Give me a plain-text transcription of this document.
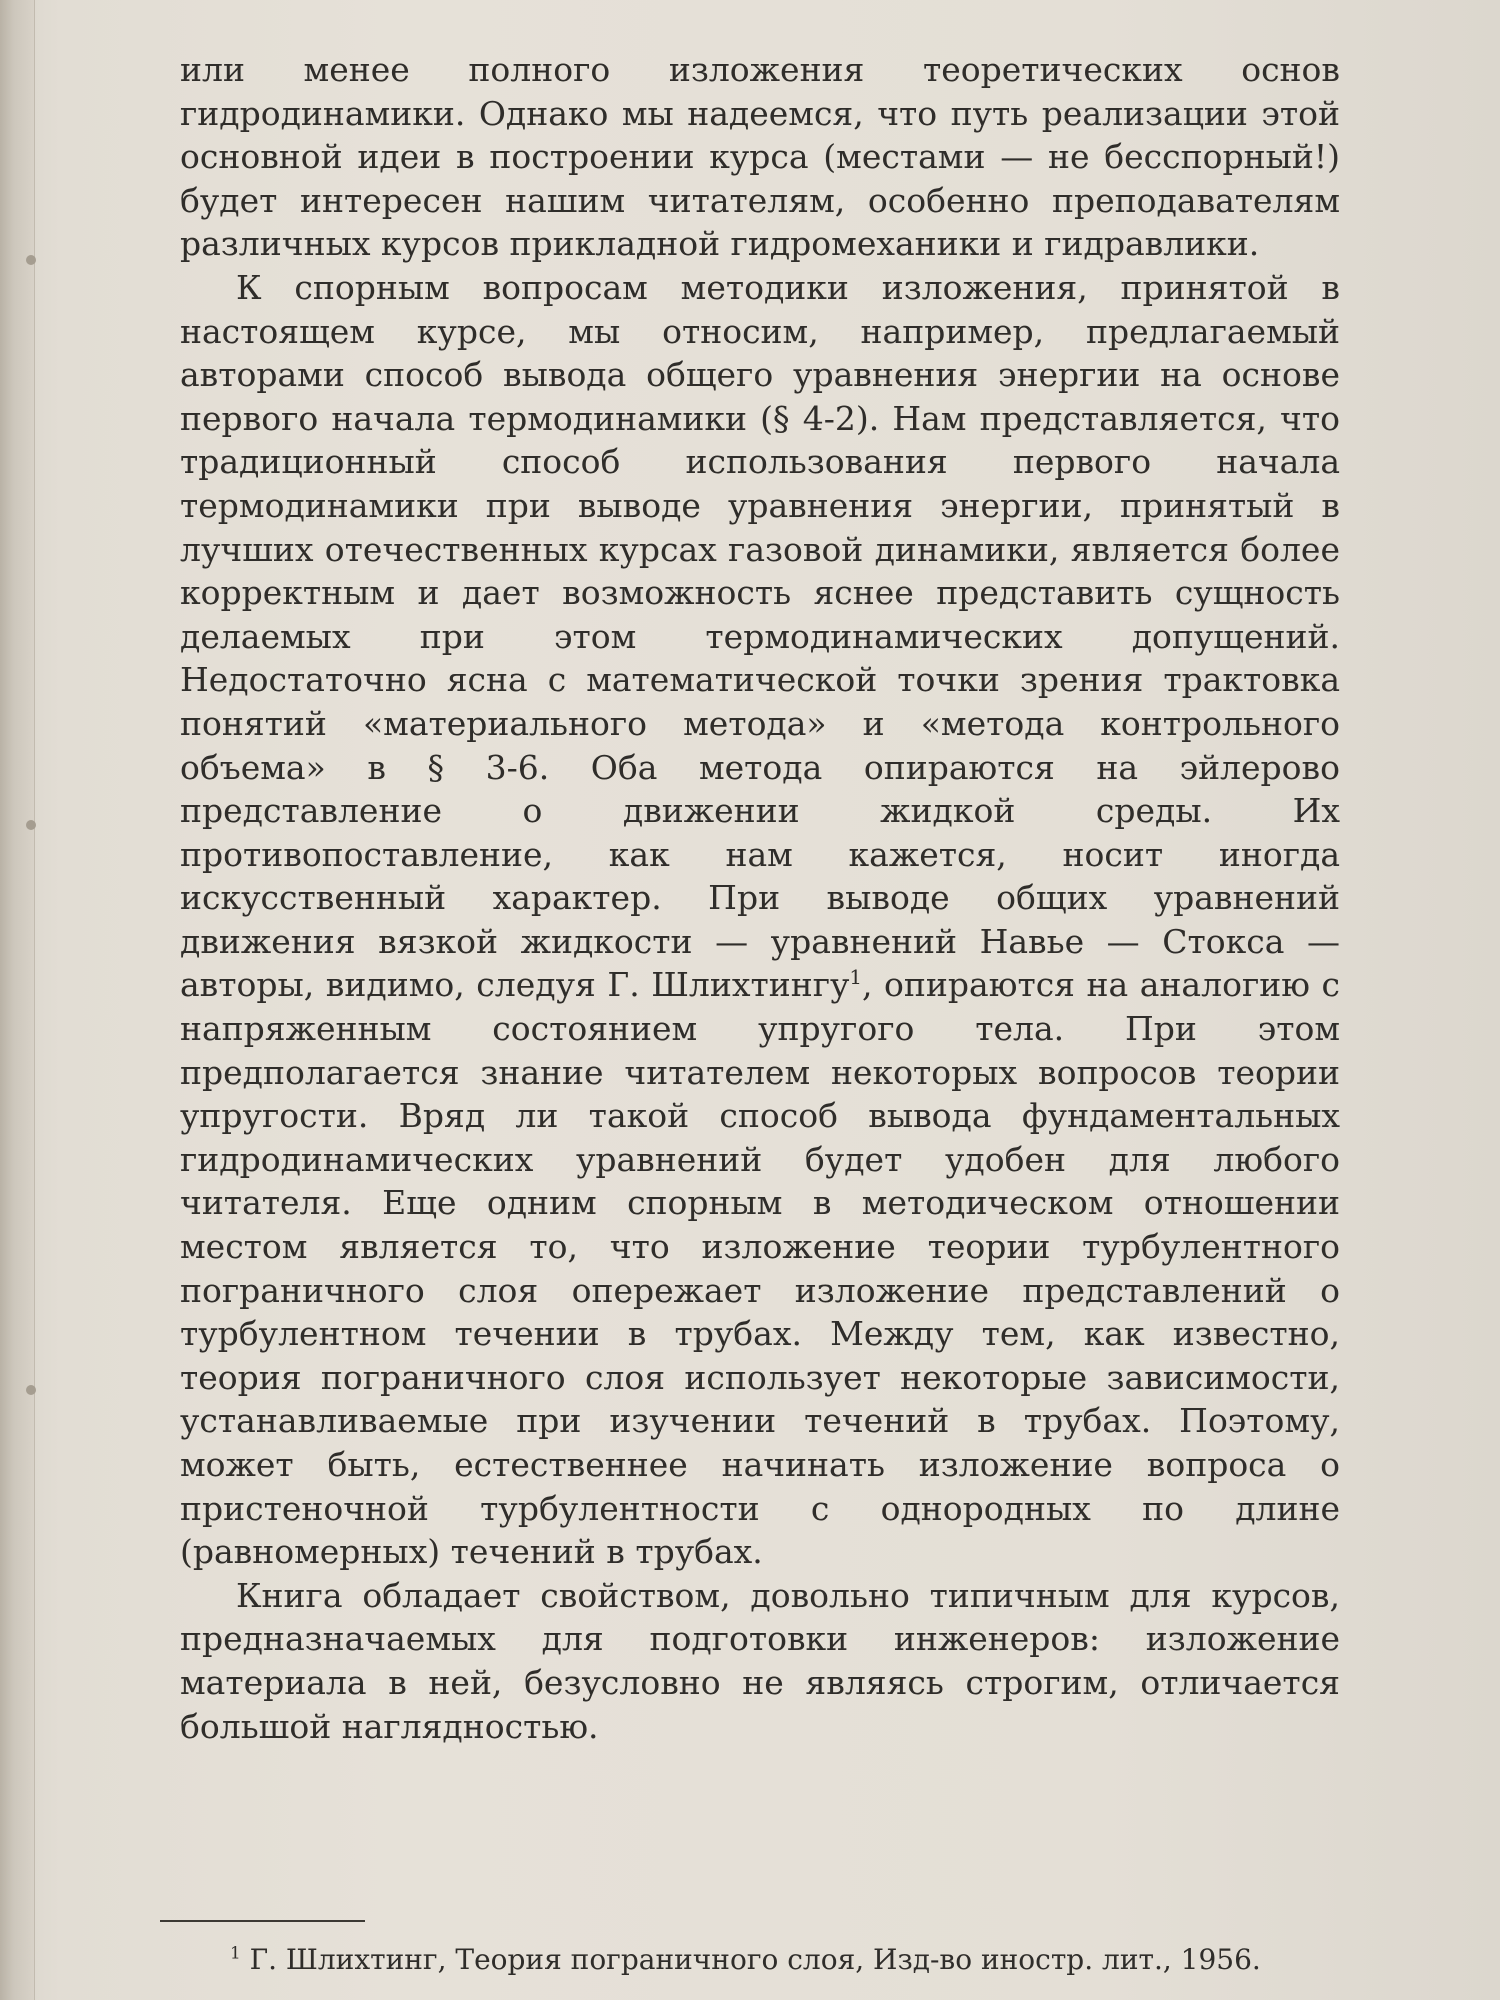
или менее полного изложения теоретических основ гидродинамики. Однако мы надеемся, что путь реализации этой основной идеи в построении курса (местами — не бесспорный!) будет интересен нашим читателям, особенно преподавателям различных курсов прикладной гидромеханики и гидравлики.

К спорным вопросам методики изложения, принятой в настоящем курсе, мы относим, например, предлагаемый авторами способ вывода общего уравнения энергии на основе первого начала термодинамики (§ 4-2). Нам представляется, что традиционный способ использования первого начала термодинамики при выводе уравнения энергии, принятый в лучших отечественных курсах газовой динамики, является более корректным и дает возможность яснее представить сущность делаемых при этом термодинамических допущений. Недостаточно ясна с математической точки зрения трактовка понятий «материального метода» и «метода контрольного объема» в § 3-6. Оба метода опираются на эйлерово представление о движении жидкой среды. Их противопоставление, как нам кажется, носит иногда искусственный характер. При выводе общих уравнений движения вязкой жидкости — уравнений Навье — Стокса — авторы, видимо, следуя Г. Шлихтингу$^1$, опираются на аналогию с напряженным состоянием упругого тела. При этом предполагается знание читателем некоторых вопросов теории упругости. Вряд ли такой способ вывода фундаментальных гидродинамических уравнений будет удобен для любого читателя. Еще одним спорным в методическом отношении местом является то, что изложение теории турбулентного пограничного слоя опережает изложение представлений о турбулентном течении в трубах. Между тем, как известно, теория пограничного слоя использует некоторые зависимости, устанавливаемые при изучении течений в трубах. Поэтому, может быть, естественнее начинать изложение вопроса о пристеночной турбулентности с однородных по длине (равномерных) течений в трубах.

Книга обладает свойством, довольно типичным для курсов, предназначаемых для подготовки инженеров: изложение материала в ней, безусловно не являясь строгим, отличается большой наглядностью.

$^1$ Г. Шлихтинг, Теория пограничного слоя, Изд-во иностр. лит., 1956.
